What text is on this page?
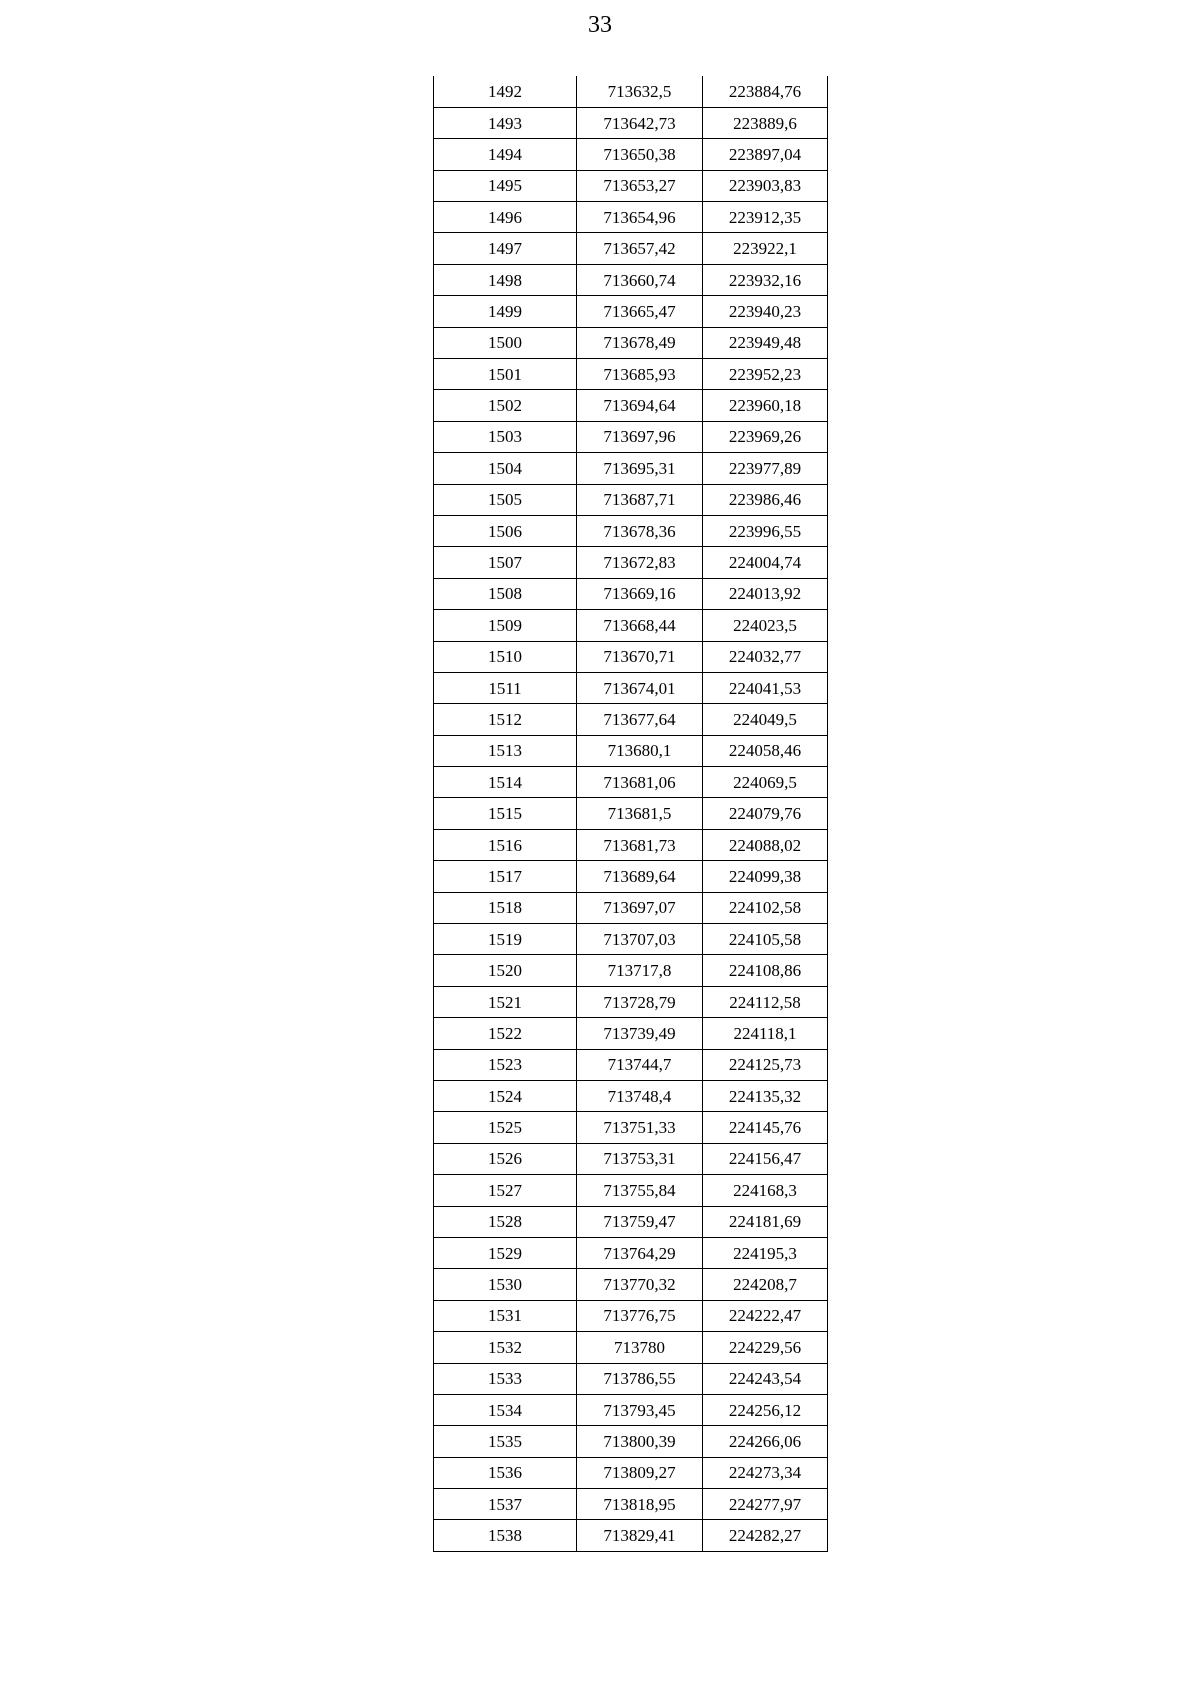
33
1492	713632,5	223884,76
1493	713642,73	223889,6
1494	713650,38	223897,04
1495	713653,27	223903,83
1496	713654,96	223912,35
1497	713657,42	223922,1
1498	713660,74	223932,16
1499	713665,47	223940,23
1500	713678,49	223949,48
1501	713685,93	223952,23
1502	713694,64	223960,18
1503	713697,96	223969,26
1504	713695,31	223977,89
1505	713687,71	223986,46
1506	713678,36	223996,55
1507	713672,83	224004,74
1508	713669,16	224013,92
1509	713668,44	224023,5
1510	713670,71	224032,77
1511	713674,01	224041,53
1512	713677,64	224049,5
1513	713680,1	224058,46
1514	713681,06	224069,5
1515	713681,5	224079,76
1516	713681,73	224088,02
1517	713689,64	224099,38
1518	713697,07	224102,58
1519	713707,03	224105,58
1520	713717,8	224108,86
1521	713728,79	224112,58
1522	713739,49	224118,1
1523	713744,7	224125,73
1524	713748,4	224135,32
1525	713751,33	224145,76
1526	713753,31	224156,47
1527	713755,84	224168,3
1528	713759,47	224181,69
1529	713764,29	224195,3
1530	713770,32	224208,7
1531	713776,75	224222,47
1532	713780	224229,56
1533	713786,55	224243,54
1534	713793,45	224256,12
1535	713800,39	224266,06
1536	713809,27	224273,34
1537	713818,95	224277,97
1538	713829,41	224282,27
